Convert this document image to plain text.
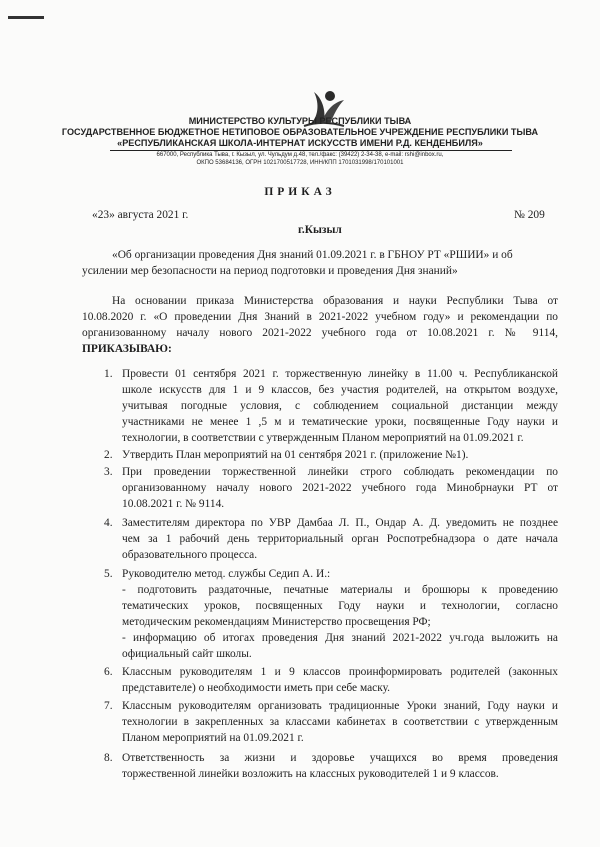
МИНИСТЕРСТВО КУЛЬТУРЫ РЕСПУБЛИКИ ТЫВА
ГОСУДАРСТВЕННОЕ БЮДЖЕТНОЕ НЕТИПОВОЕ ОБРАЗОВАТЕЛЬНОЕ УЧРЕЖДЕНИЕ РЕСПУБЛИКИ ТЫВА
«РЕСПУБЛИКАНСКАЯ ШКОЛА-ИНТЕРНАТ ИСКУССТВ ИМЕНИ Р.Д. КЕНДЕНБИЛЯ»
667000, Республика Тыва, г. Кызыл, ул. Чульдум д.48, тел./факс: (39422) 2-34-38, e-mail: rshi@inbox.ru,
ОКПО 53684136, ОГРН 1021700517728, ИНН/КПП 1701031998/170101001
ПРИКАЗ
«23» августа 2021 г.	№ 209
г.Кызыл
«Об организации проведения Дня знаний 01.09.2021 г. в ГБНОУ РТ «РШИИ» и об
усилении мер безопасности на период подготовки и проведения Дня знаний»
На основании приказа Министерства образования и науки Республики Тыва от
10.08.2020 г. «О проведении Дня Знаний в 2021-2022 учебном году» и рекомендации по
организованному началу нового 2021-2022 учебного года от 10.08.2021 г. № 9114,
ПРИКАЗЫВАЮ:
1. Провести 01 сентября 2021 г. торжественную линейку в 11.00 ч. Республиканской
школе искусств для 1 и 9 классов, без участия родителей, на открытом воздухе,
учитывая погодные условия, с соблюдением социальной дистанции между
участниками не менее 1 ,5 м и тематические уроки, посвященные Году науки и
технологии, в соответствии с утвержденным Планом мероприятий на 01.09.2021 г.
2. Утвердить План мероприятий на 01 сентября 2021 г. (приложение №1).
3. При проведении торжественной линейки строго соблюдать рекомендации по
организованному началу нового 2021-2022 учебного года Минобрнауки РТ от
10.08.2021 г. № 9114.
4. Заместителям директора по УВР Дамбаа Л. П., Ондар А. Д. уведомить не позднее
чем за 1 рабочий день территориальный орган Роспотребнадзора о дате начала
образовательного процесса.
5. Руководителю метод. службы Седип А. И.:
- подготовить раздаточные, печатные материалы и брошюры к проведению
тематических уроков, посвященных Году науки и технологии, согласно
методическим рекомендациям Министерство просвещения РФ;
- информацию об итогах проведения Дня знаний 2021-2022 уч.года выложить на
официальный сайт школы.
6. Классным руководителям 1 и 9 классов проинформировать родителей (законных
представителе) о необходимости иметь при себе маску.
7. Классным руководителям организовать традиционные Уроки знаний, Году науки и
технологии в закрепленных за классами кабинетах в соответствии с утвержденным
Планом мероприятий на 01.09.2021 г.
8. Ответственность за жизни и здоровье учащихся во время проведения
торжественной линейки возложить на классных руководителей 1 и 9 классов.
